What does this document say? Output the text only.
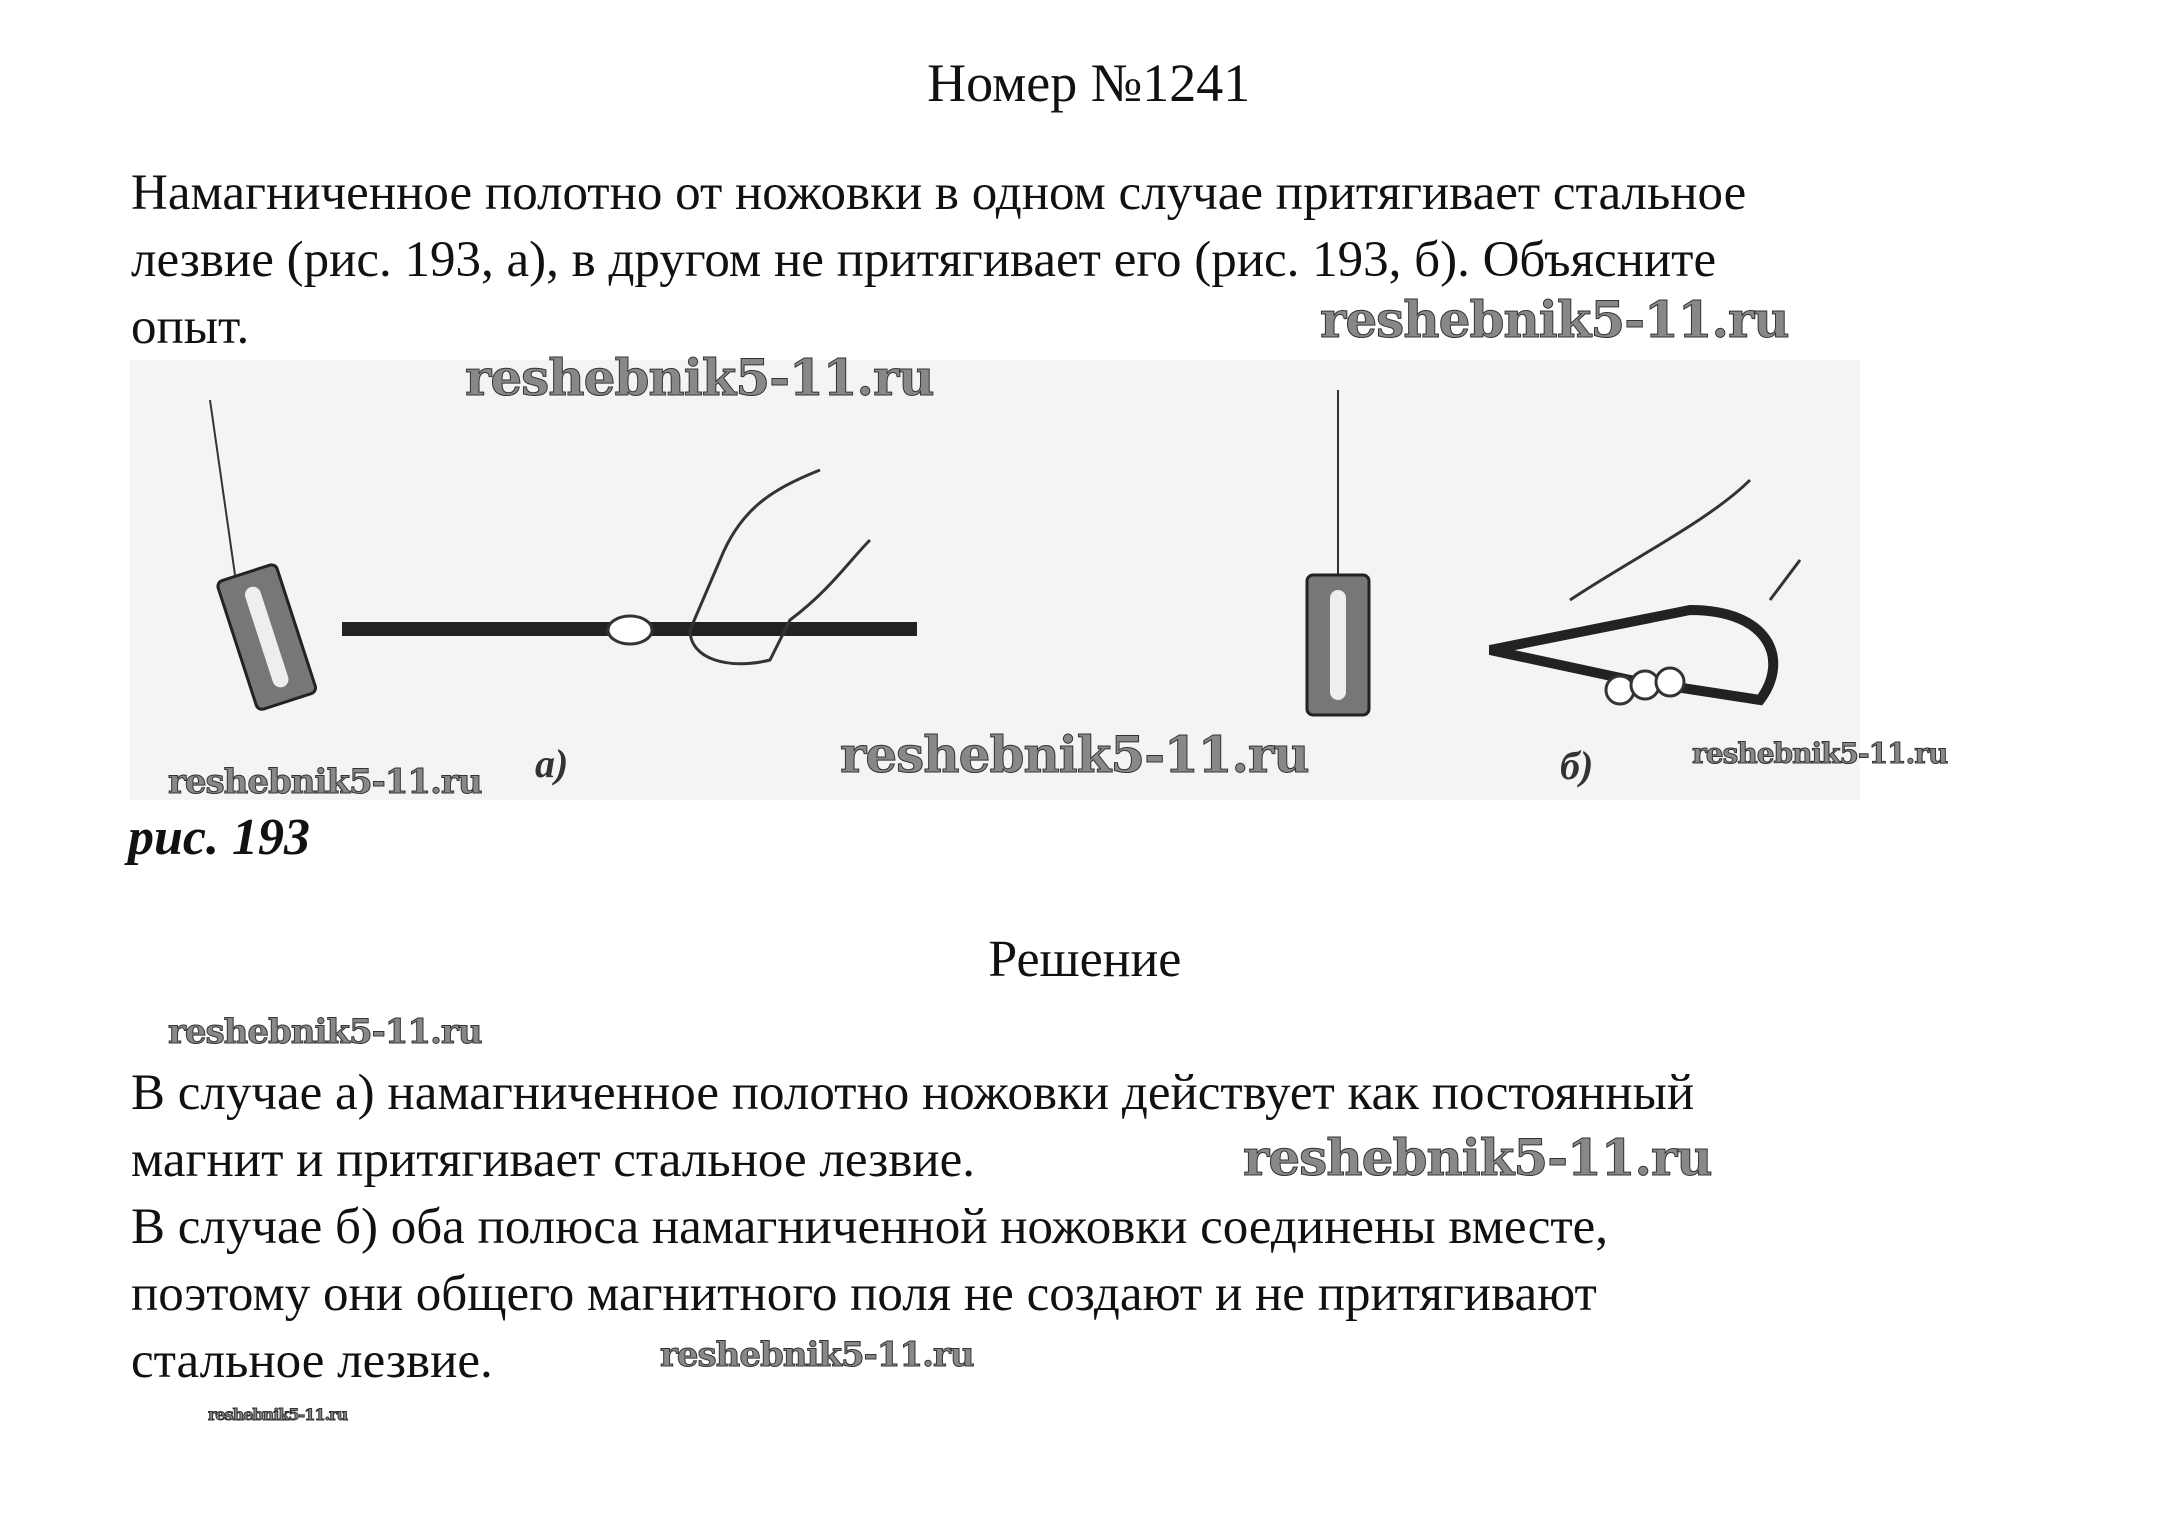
Номер №1241
Намагниченное полотно от ножовки в одном случае притягивает стальное
лезвие (рис. 193, а), в другом не притягивает его (рис. 193, б). Объясните
опыт.
а)	б)
рис. 193
Решение
В случае а) намагниченное полотно ножовки действует как постоянный
магнит и притягивает стальное лезвие.
В случае б) оба полюса намагниченной ножовки соединены вместе,
поэтому они общего магнитного поля не создают и не притягивают
стальное лезвие.
reshebnik5-11.ru
reshebnik5-11.ru
reshebnik5-11.ru	reshebnik5-11.ru
reshebnik5-11.ru
reshebnik5-11.ru
reshebnik5-11.ru
reshebnik5-11.ru
reshebnik5-11.ru
